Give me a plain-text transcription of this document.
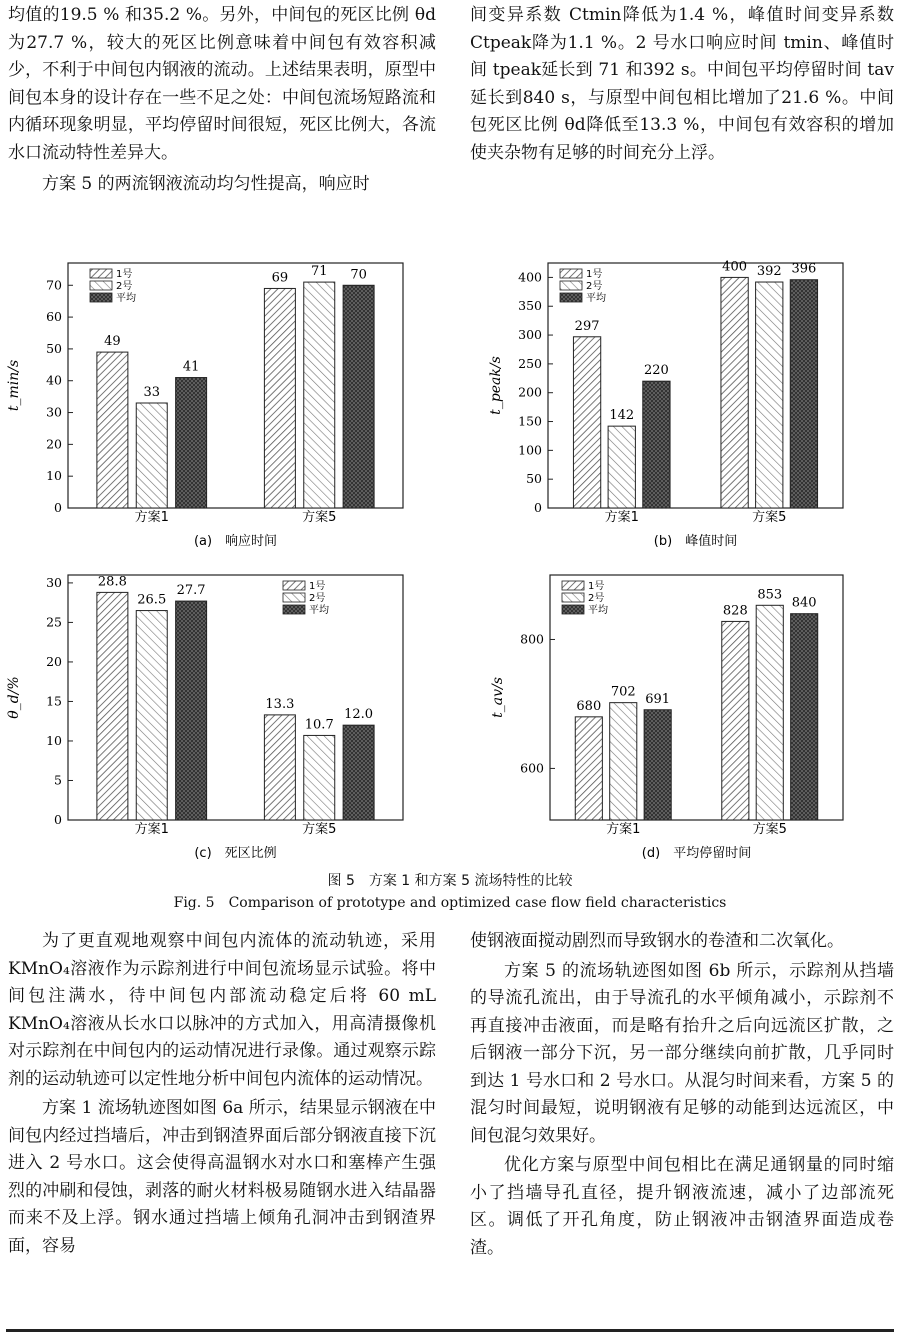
均值的19.5 % 和35.2 %。另外，中间包的死区比例 θd为27.7 %，较大的死区比例意味着中间包有效容积减少，不利于中间包内钢液的流动。上述结果表明，原型中间包本身的设计存在一些不足之处：中间包流场短路流和内循环现象明显，平均停留时间很短，死区比例大，各流水口流动特性差异大。

方案 5 的两流钢液流动均匀性提高，响应时

间变异系数 Ctmin降低为1.4 %，峰值时间变异系数 Ctpeak降为1.1 %。2 号水口响应时间 tmin、峰值时间 tpeak延长到 71 和392 s。中间包平均停留时间 tav延长到840 s，与原型中间包相比增加了21.6 %。中间包死区比例 θd降低至13.3 %，中间包有效容积的增加使夹杂物有足够的时间充分上浮。

0
10
20
30
40
50
60
70
t_min/s
49
33
41
方案1
69 71 70
方案5
1号
2号
平均
(a)　响应时间
0
50
100
150
200
250
300
350
400
t_peak/s
297
142
220
方案1
400 392 396
方案5
1号
2号
平均
(b)　峰值时间
0
5
10
15
20
25
30
θ_d/%
28.8
26.5
27.7
方案1
13.3
10.7
12.0
方案5
1号
2号
平均
(c)　死区比例
600
800
t_av/s	680
702 691
方案1
828
853
840
方案5
1号
2号
平均
(d)　平均停留时间
图 5　方案 1 和方案 5 流场特性的比较
Fig. 5　Comparison of prototype and optimized case flow field characteristics

为了更直观地观察中间包内流体的流动轨迹，采用 KMnO₄溶液作为示踪剂进行中间包流场显示试验。将中间包注满水，待中间包内部流动稳定后将 60 mL KMnO₄溶液从长水口以脉冲的方式加入，用高清摄像机对示踪剂在中间包内的运动情况进行录像。通过观察示踪剂的运动轨迹可以定性地分析中间包内流体的运动情况。

方案 1 流场轨迹图如图 6a 所示，结果显示钢液在中间包内经过挡墙后，冲击到钢渣界面后部分钢液直接下沉进入 2 号水口。这会使得高温钢水对水口和塞棒产生强烈的冲刷和侵蚀，剥落的耐火材料极易随钢水进入结晶器而来不及上浮。钢水通过挡墙上倾角孔洞冲击到钢渣界面，容易

使钢液面搅动剧烈而导致钢水的卷渣和二次氧化。

方案 5 的流场轨迹图如图 6b 所示，示踪剂从挡墙的导流孔流出，由于导流孔的水平倾角减小，示踪剂不再直接冲击液面，而是略有抬升之后向远流区扩散，之后钢液一部分下沉，另一部分继续向前扩散，几乎同时到达 1 号水口和 2 号水口。从混匀时间来看，方案 5 的混匀时间最短，说明钢液有足够的动能到达远流区，中间包混匀效果好。

优化方案与原型中间包相比在满足通钢量的同时缩小了挡墙导孔直径，提升钢液流速，减小了边部流死区。调低了开孔角度，防止钢液冲击钢渣界面造成卷渣。
